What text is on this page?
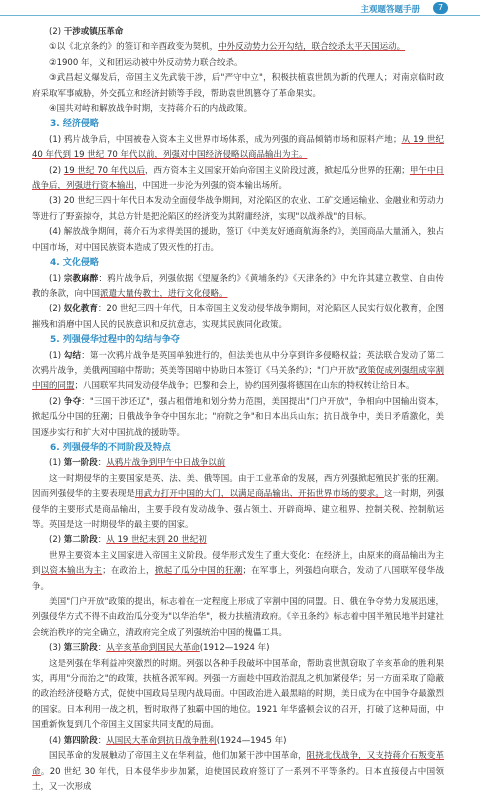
主观题答题手册	7

(2) 干涉或镇压革命

①以《北京条约》的签订和辛酉政变为契机，中外反动势力公开勾结，联合绞杀太平天国运动。

②1900 年，义和团运动被中外反动势力联合绞杀。

③武昌起义爆发后，帝国主义先武装干涉，后"严守中立"，积极扶植袁世凯为新的代理人；对南京临时政府采取军事威胁，外交孤立和经济封锁等手段，帮助袁世凯篡夺了革命果实。

④国共对峙和解放战争时期，支持蒋介石的内战政策。

3. 经济侵略

(1) 鸦片战争后，中国被卷入资本主义世界市场体系，成为列强的商品倾销市场和原料产地；从 19 世纪 40 年代到 19 世纪 70 年代以前，列强对中国经济侵略以商品输出为主。

(2) 19 世纪 70 年代以后，西方资本主义国家开始向帝国主义阶段过渡，掀起瓜分世界的狂潮；甲午中日战争后，列强进行资本输出，中国进一步沦为列强的资本输出场所。

(3) 20 世纪三四十年代日本发动全面侵华战争期间，对沦陷区的农业、工矿交通运输业、金融业和劳动力等进行了野蛮掠夺，其总方针是把沦陷区的经济变为其附庸经济，实现"以战养战"的目标。

(4) 解放战争期间，蒋介石为求得美国的援助，签订《中美友好通商航海条约》，美国商品大量涌入，独占中国市场，对中国民族资本造成了毁灭性的打击。

4. 文化侵略

(1) 宗教麻醉：鸦片战争后，列强依据《望厦条约》《黄埔条约》《天津条约》中允许其建立教堂、自由传教的条款，向中国派遣大量传教士，进行文化侵略。

(2) 奴化教育：20 世纪三四十年代，日本帝国主义发动侵华战争期间，对沦陷区人民实行奴化教育，企图摧残和消磨中国人民的民族意识和反抗意志，实现其民族同化政策。

5. 列强侵华过程中的勾结与争夺

(1) 勾结：第一次鸦片战争是英国单独进行的，但法美也从中分享到许多侵略权益；英法联合发动了第二次鸦片战争，美俄两国暗中帮助；英美等国暗中协助日本签订《马关条约》；"门户开放"政策促成列强组成宰割中国的同盟；八国联军共同发动侵华战争；巴黎和会上，协约国列强将德国在山东的特权转让给日本。

(2) 争夺："三国干涉还辽"，强占租借地和划分势力范围，美国提出"门户开放"，争相向中国输出资本，掀起瓜分中国的狂潮；日俄战争争夺中国东北；"府院之争"和日本出兵山东；抗日战争中，美日矛盾激化，美国逐步实行和扩大对中国抗战的援助等。

6. 列强侵华的不同阶段及特点

(1) 第一阶段：从鸦片战争到甲午中日战争以前

这一时期侵华的主要国家是英、法、美、俄等国。由于工业革命的发展，西方列强掀起殖民扩张的狂潮。因而列强侵华的主要表现是用武力打开中国的大门，以满足商品输出、开拓世界市场的要求。这一时期，列强侵华的主要形式是商品输出，主要手段有发动战争、强占领土、开辟商埠、建立租界、控制关税、控制航运等。英国是这一时期侵华的最主要的国家。

(2) 第二阶段：从 19 世纪末到 20 世纪初

世界主要资本主义国家进入帝国主义阶段。侵华形式发生了重大变化：在经济上，由原来的商品输出为主到以资本输出为主；在政治上，掀起了瓜分中国的狂潮；在军事上，列强趋向联合，发动了八国联军侵华战争。

美国"门户开放"政策的提出，标志着在一定程度上形成了宰割中国的同盟。日、俄在争夺势力发展迅速，列强侵华方式不得不由政治瓜分变为"以华治华"，极力扶植清政府。《辛丑条约》标志着中国半殖民地半封建社会统治秩序的完全确立，清政府完全成了列强统治中国的傀儡工具。

(3) 第三阶段：从辛亥革命到国民大革命(1912—1924 年)

这是列强在华利益冲突激烈的时期。列强以各种手段破坏中国革命，帮助袁世凯窃取了辛亥革命的胜利果实，再用"分而治之"的政策，扶植各派军阀。列强一方面趁中国政治混乱之机加紧侵华；另一方面采取了隐蔽的政治经济侵略方式，促使中国政局呈现内战局面。中国政治进入最黑暗的时期，美日成为在中国争夺最激烈的国家。日本利用一战之机，暂时取得了独霸中国的地位。1921 年华盛顿会议的召开，打破了这种局面，中国重新恢复到几个帝国主义国家共同支配的局面。

(4) 第四阶段：从国民大革命到抗日战争胜利(1924—1945 年)

国民革命的发展触动了帝国主义在华利益，他们加紧干涉中国革命，阻挠北伐战争，又支持蒋介石叛变革命。20 世纪 30 年代，日本侵华步步加紧，迫使国民政府签订了一系列不平等条约。日本直接侵占中国领土，又一次形成
